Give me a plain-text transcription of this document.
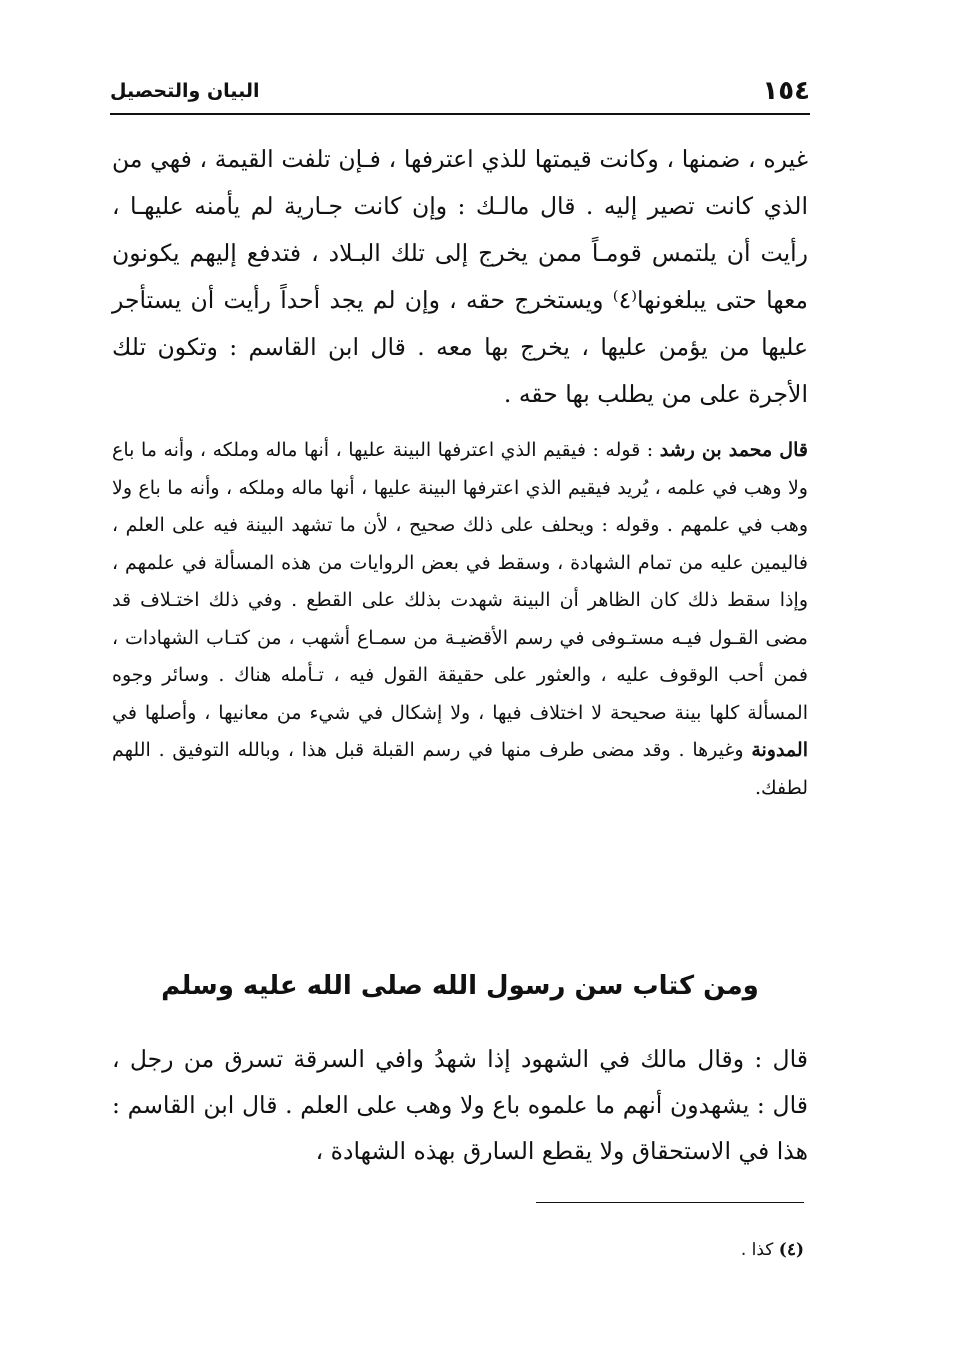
١٥٤
البيان والتحصيل

غيره ، ضمنها ، وكانت قيمتها للذي اعترفها ، فـإن تلفت القيمة ، فهي من الذي كانت تصير إليه . قال مالـك : وإن كانت جـارية لم يأمنه عليهـا ، رأيت أن يلتمس قومـاً ممن يخرج إلى تلك البـلاد ، فتدفع إليهم يكونون معها حتى يبلغونها⁽٤⁾ ويستخرج حقه ، وإن لم يجد أحداً رأيت أن يستأجر عليها من يؤمن عليها ، يخرج بها معه . قال ابن القاسم : وتكون تلك الأجرة على من يطلب بها حقه .

قال محمد بن رشد : قوله : فيقيم الذي اعترفها البينة عليها ، أنها ماله وملكه ، وأنه ما باع ولا وهب في علمه ، يُريد فيقيم الذي اعترفها البينة عليها ، أنها ماله وملكه ، وأنه ما باع ولا وهب في علمهم . وقوله : ويحلف على ذلك صحيح ، لأن ما تشهد البينة فيه على العلم ، فاليمين عليه من تمام الشهادة ، وسقط في بعض الروايات من هذه المسألة في علمهم ، وإذا سقط ذلك كان الظاهر أن البينة شهدت بذلك على القطع . وفي ذلك اختـلاف قد مضى القـول فيـه مستـوفى في رسم الأقضيـة من سمـاع أشهب ، من كتـاب الشهادات ، فمن أحب الوقوف عليه ، والعثور على حقيقة القول فيه ، تـأمله هناك . وسائر وجوه المسألة كلها بينة صحيحة لا اختلاف فيها ، ولا إشكال في شيء من معانيها ، وأصلها في المدونة وغيرها . وقد مضى طرف منها في رسم القبلة قبل هذا ، وبالله التوفيق . اللهم لطفك.

ومن كتاب سن رسول الله صلى الله عليه وسلم

قال : وقال مالك في الشهود إذا شهدُ وافي السرقة تسرق من رجل ، قال : يشهدون أنهم ما علموه باع ولا وهب على العلم . قال ابن القاسم : هذا في الاستحقاق ولا يقطع السارق بهذه الشهادة ،

(٤) كذا .
